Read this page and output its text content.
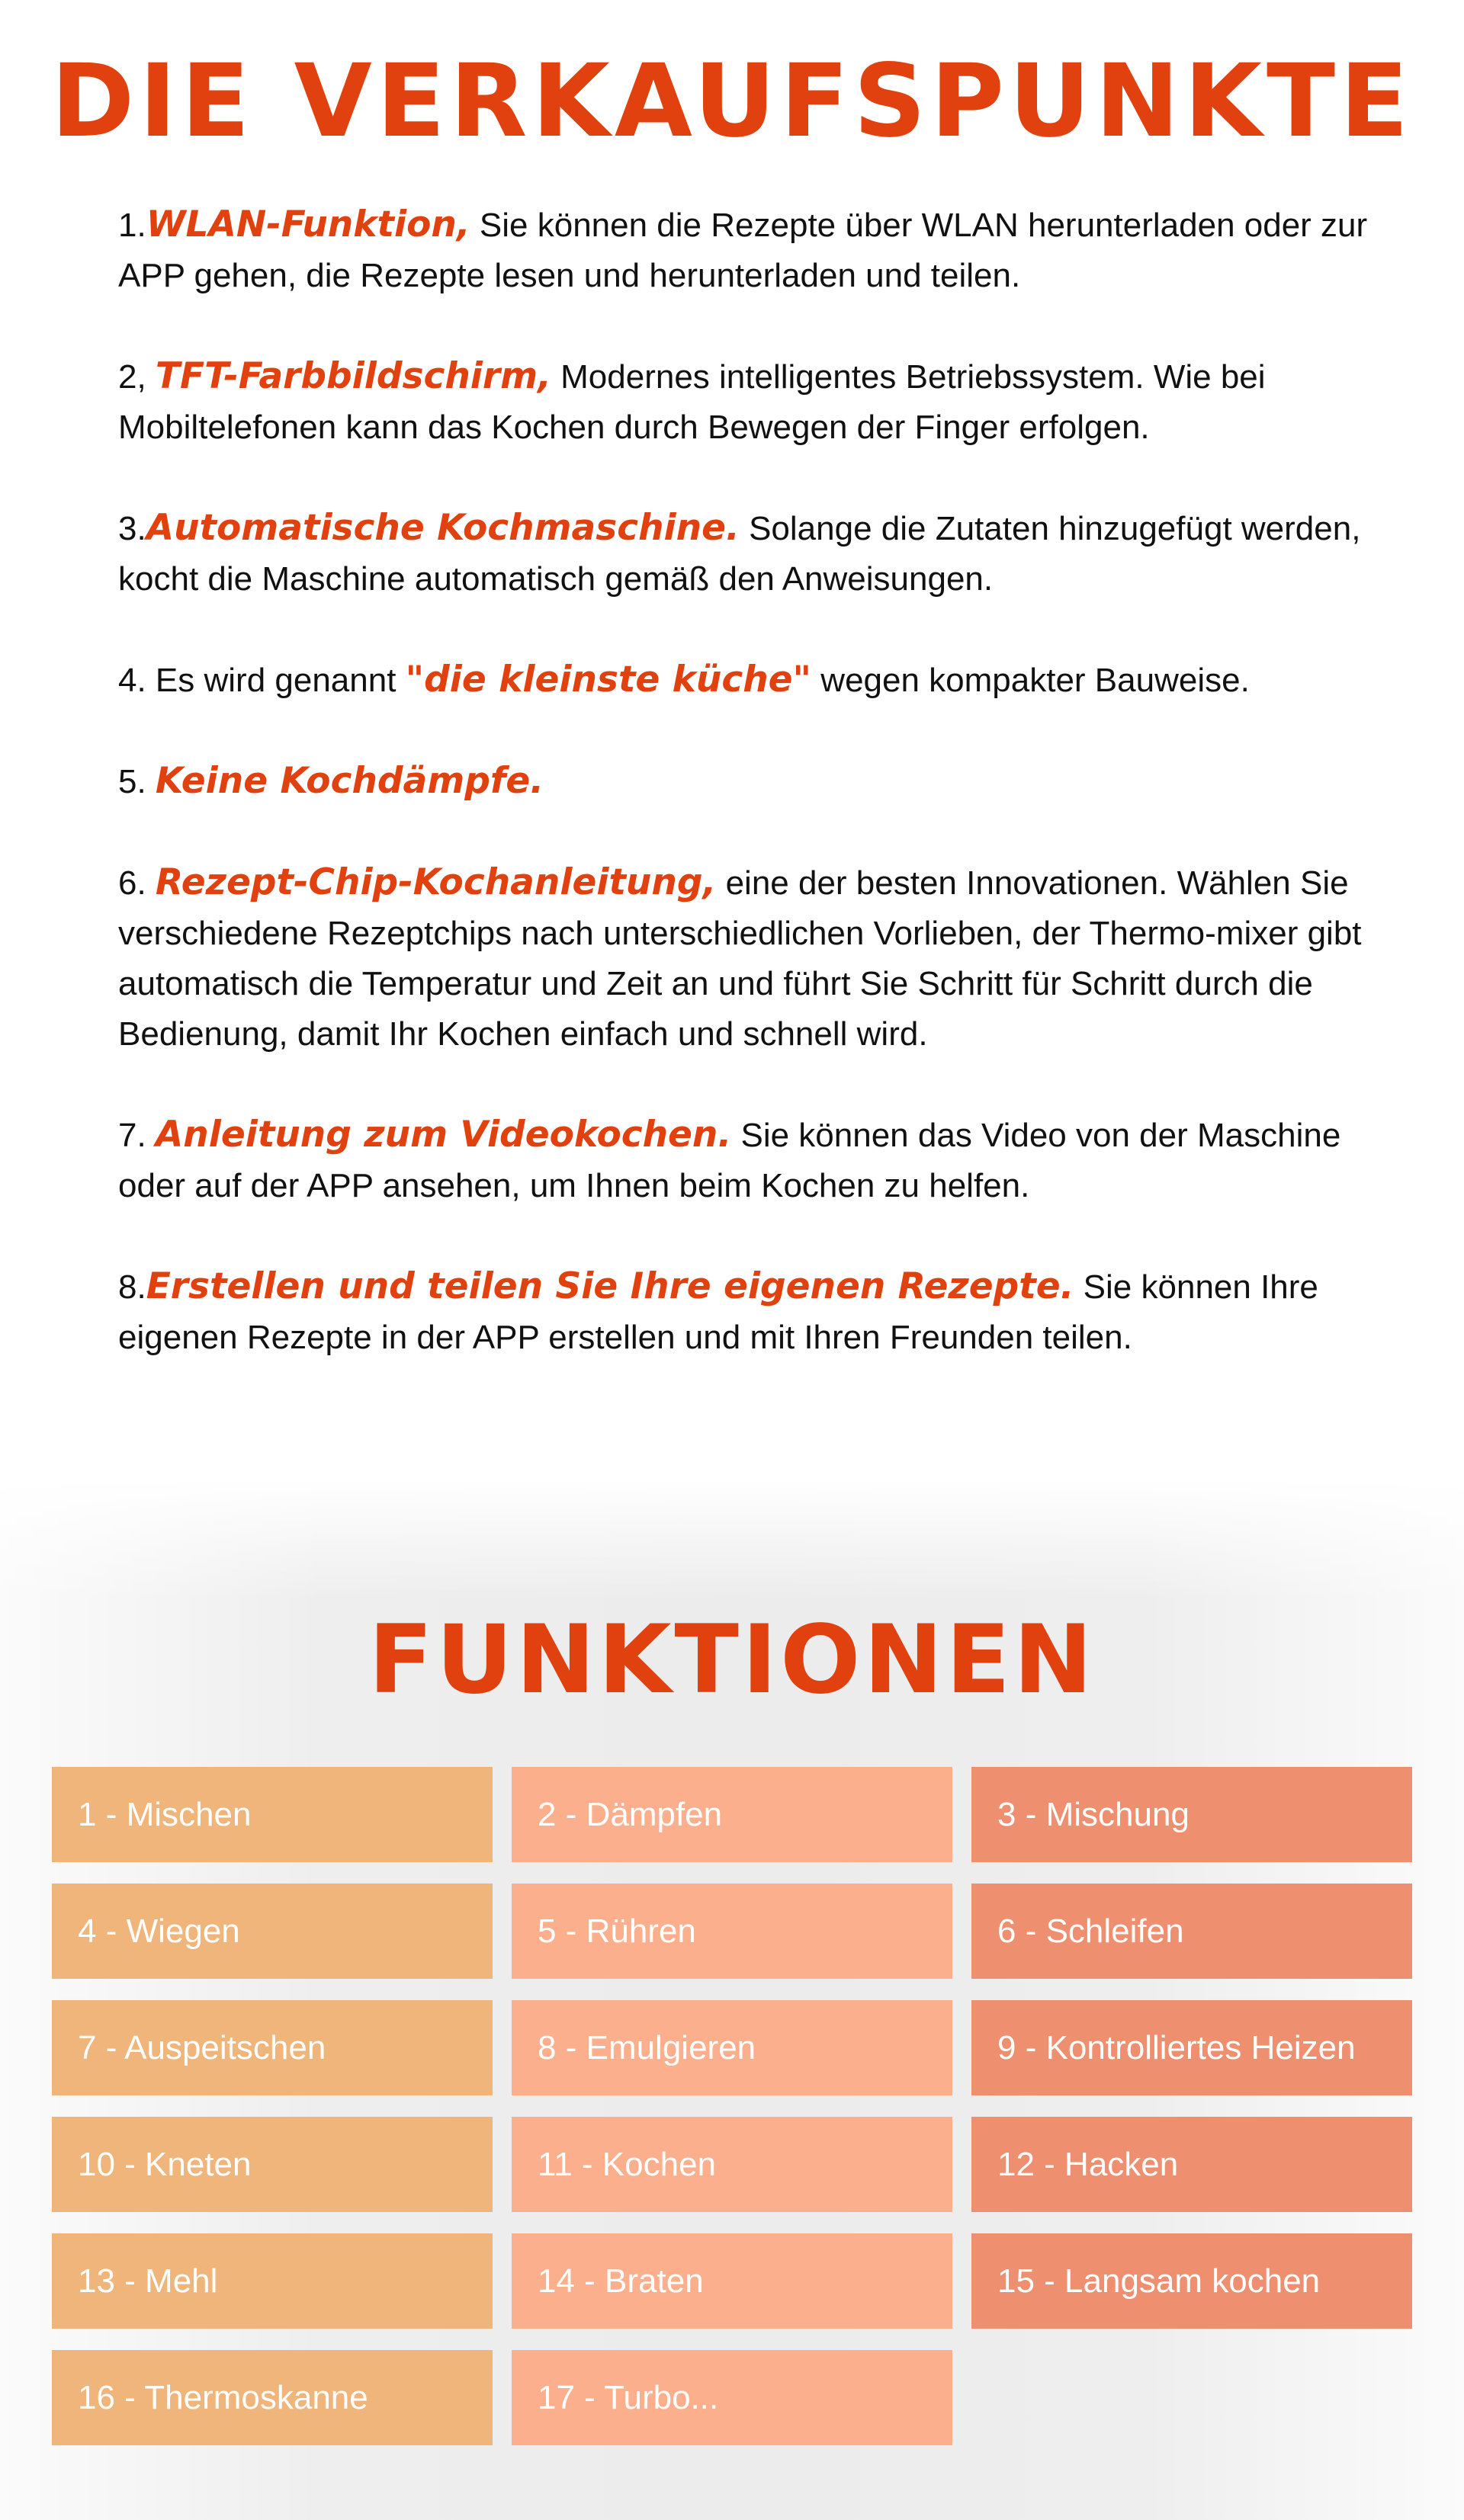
DIE VERKAUFSPUNKTE
1.WLAN-Funktion, Sie können die Rezepte über WLAN herunterladen oder zur APP gehen, die Rezepte lesen und herunterladen und teilen.
2, TFT-Farbbildschirm, Modernes intelligentes Betriebssystem. Wie bei Mobiltelefonen kann das Kochen durch Bewegen der Finger erfolgen.
3.Automatische Kochmaschine. Solange die Zutaten hinzugefügt werden, kocht die Maschine automatisch gemäß den Anweisungen.
4. Es wird genannt "die kleinste küche" wegen kompakter Bauweise.
5. Keine Kochdämpfe.
6. Rezept-Chip-Kochanleitung, eine der besten Innovationen. Wählen Sie verschiedene Rezeptchips nach unterschiedlichen Vorlieben, der Thermo-mixer gibt automatisch die Temperatur und Zeit an und führt Sie Schritt für Schritt durch die Bedienung, damit Ihr Kochen einfach und schnell wird.
7. Anleitung zum Videokochen. Sie können das Video von der Maschine oder auf der APP ansehen, um Ihnen beim Kochen zu helfen.
8.Erstellen und teilen Sie Ihre eigenen Rezepte. Sie können Ihre eigenen Rezepte in der APP erstellen und mit Ihren Freunden teilen.
FUNKTIONEN
1 - Mischen	2 - Dämpfen	3 - Mischung
4 - Wiegen	5 - Rühren	6 - Schleifen
7 - Auspeitschen	8 - Emulgieren	9 - Kontrolliertes Heizen
10 - Kneten	11 - Kochen	12 - Hacken
13 - Mehl	14 - Braten	15 - Langsam kochen
16 - Thermoskanne	17 - Turbo...
